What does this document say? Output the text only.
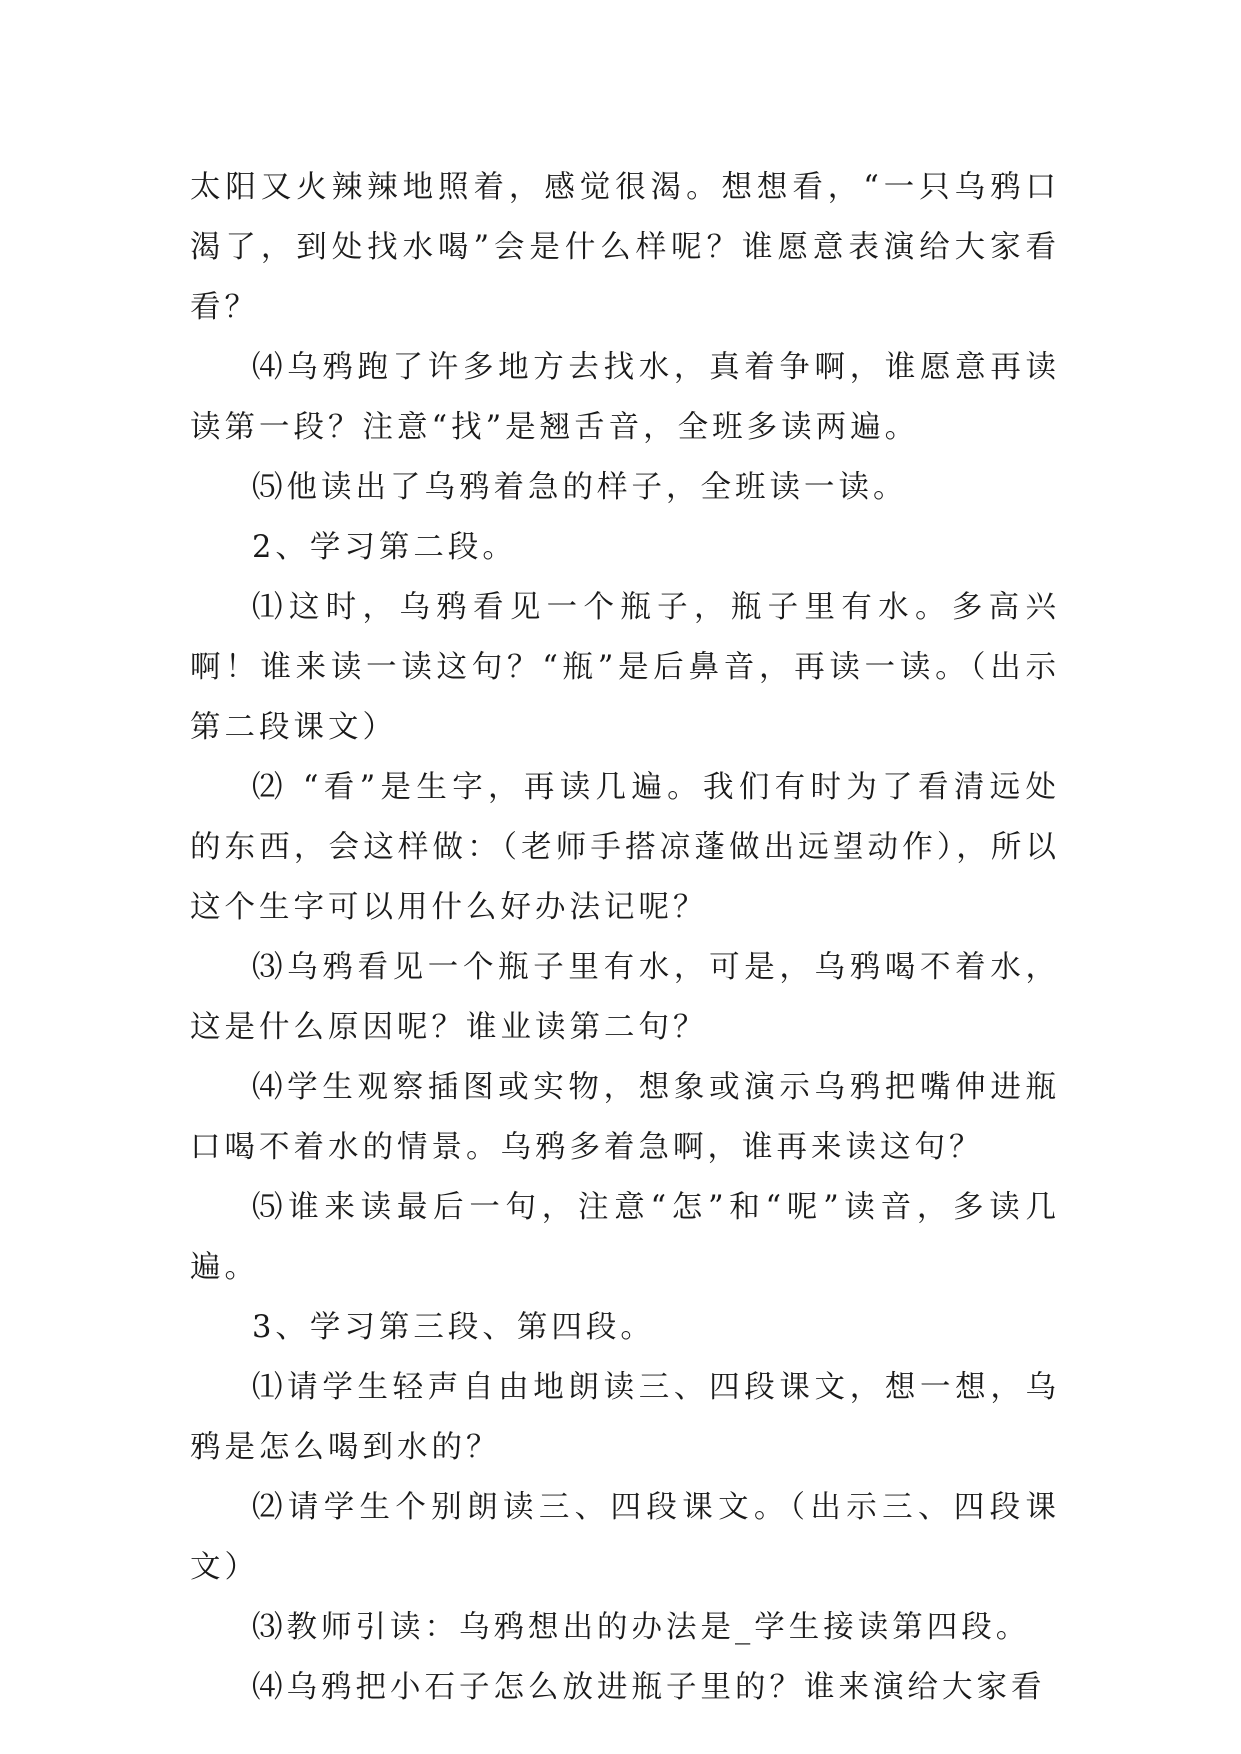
太阳又火辣辣地照着，感觉很渴。想想看，“一只乌鸦口渴了，到处找水喝”会是什么样呢？谁愿意表演给大家看看？

⑷乌鸦跑了许多地方去找水，真着争啊，谁愿意再读读第一段？注意“找”是翘舌音，全班多读两遍。

⑸他读出了乌鸦着急的样子，全班读一读。

2、学习第二段。

⑴这时，乌鸦看见一个瓶子，瓶子里有水。多高兴啊！谁来读一读这句？“瓶”是后鼻音，再读一读。（出示第二段课文）

⑵ “看”是生字，再读几遍。我们有时为了看清远处的东西，会这样做：（老师手搭凉蓬做出远望动作），所以这个生字可以用什么好办法记呢？

⑶乌鸦看见一个瓶子里有水，可是，乌鸦喝不着水，这是什么原因呢？谁业读第二句？

⑷学生观察插图或实物，想象或演示乌鸦把嘴伸进瓶口喝不着水的情景。乌鸦多着急啊，谁再来读这句？

⑸谁来读最后一句，注意“怎”和“呢”读音，多读几遍。

3、学习第三段、第四段。

⑴请学生轻声自由地朗读三、四段课文，想一想，乌鸦是怎么喝到水的？

⑵请学生个别朗读三、四段课文。（出示三、四段课文）

⑶教师引读：乌鸦想出的办法是_学生接读第四段。

⑷乌鸦把小石子怎么放进瓶子里的？谁来演给大家看
